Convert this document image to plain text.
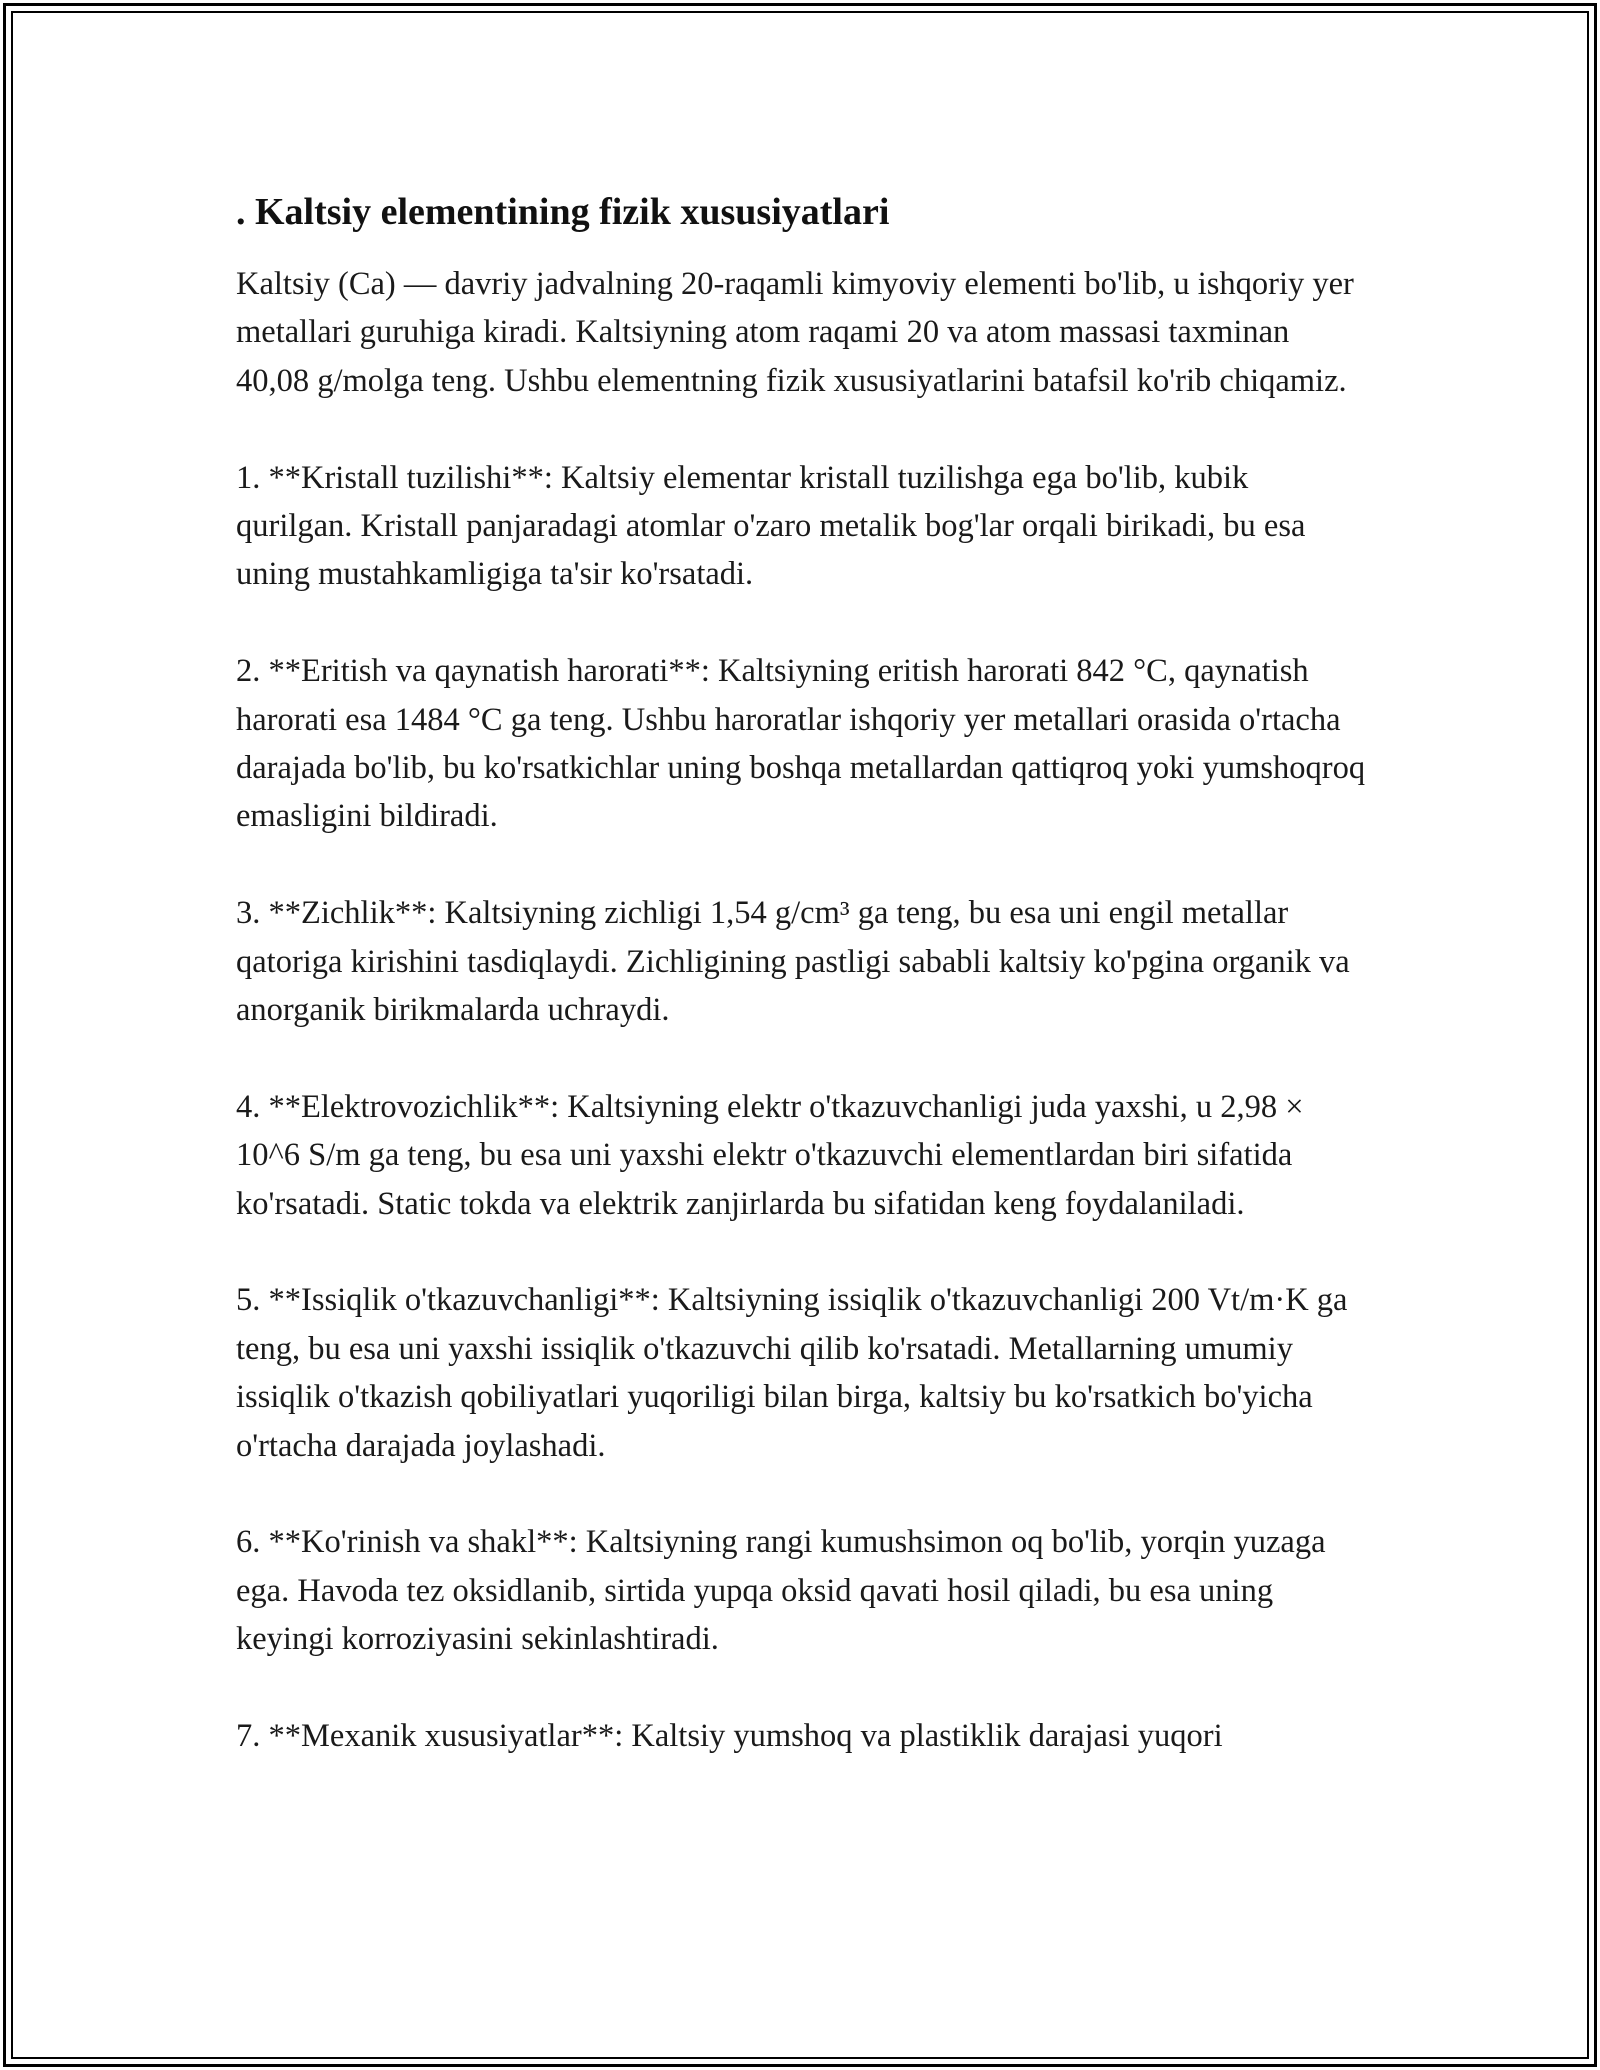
. Kaltsiy elementining fizik xususiyatlari

Kaltsiy (Ca) — davriy jadvalning 20-raqamli kimyoviy elementi bo'lib, u ishqoriy yer metallari guruhiga kiradi. Kaltsiyning atom raqami 20 va atom massasi taxminan 40,08 g/molga teng. Ushbu elementning fizik xususiyatlarini batafsil ko'rib chiqamiz.

1. **Kristall tuzilishi**: Kaltsiy elementar kristall tuzilishga ega bo'lib, kubik qurilgan. Kristall panjaradagi atomlar o'zaro metalik bog'lar orqali birikadi, bu esa uning mustahkamligiga ta'sir ko'rsatadi.

2. **Eritish va qaynatish harorati**: Kaltsiyning eritish harorati 842 °C, qaynatish harorati esa 1484 °C ga teng. Ushbu haroratlar ishqoriy yer metallari orasida o'rtacha darajada bo'lib, bu ko'rsatkichlar uning boshqa metallardan qattiqroq yoki yumshoqroq emasligini bildiradi.

3. **Zichlik**: Kaltsiyning zichligi 1,54 g/cm³ ga teng, bu esa uni engil metallar qatoriga kirishini tasdiqlaydi. Zichligining pastligi sababli kaltsiy ko'pgina organik va anorganik birikmalarda uchraydi.

4. **Elektrovozichlik**: Kaltsiyning elektr o'tkazuvchanligi juda yaxshi, u 2,98 × 10^6 S/m ga teng, bu esa uni yaxshi elektr o'tkazuvchi elementlardan biri sifatida ko'rsatadi. Static tokda va elektrik zanjirlarda bu sifatidan keng foydalaniladi.

5. **Issiqlik o'tkazuvchanligi**: Kaltsiyning issiqlik o'tkazuvchanligi 200 Vt/m·K ga teng, bu esa uni yaxshi issiqlik o'tkazuvchi qilib ko'rsatadi. Metallarning umumiy issiqlik o'tkazish qobiliyatlari yuqoriligi bilan birga, kaltsiy bu ko'rsatkich bo'yicha o'rtacha darajada joylashadi.

6. **Ko'rinish va shakl**: Kaltsiyning rangi kumushsimon oq bo'lib, yorqin yuzaga ega. Havoda tez oksidlanib, sirtida yupqa oksid qavati hosil qiladi, bu esa uning keyingi korroziyasini sekinlashtiradi.

7. **Mexanik xususiyatlar**: Kaltsiy yumshoq va plastiklik darajasi yuqori
